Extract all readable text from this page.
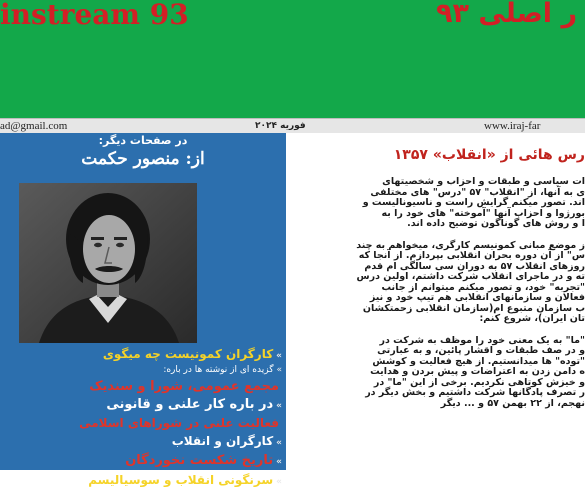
instream 93	ر اصلی ۹۳
ad@gmail.com	فوریه ۲۰۲۴	www.iraj-far
در صفحات دیگر:
از: منصور حکمت
»کارگران کمونیست چه میگوی
»گزیده ای از نوشته ها در باره:
مجمع عمومی، شورا و سندیک
»در باره کار علنی و قانونی
فعالیت علنی در شوراهای اسلامی
»کارگران و انقلاب
»تاریخ شکست نخوردگان
»سرنگونی انقلاب و سوسیالیسم
رس هائی از «انقلاب» ۱۳۵۷
ات سیاسی و طبقات و احزاب و شخصیتهای
ی به آنها، از "انقلاب" ۵۷ "درس" های مختلفی
اند. تصور میکنم گرایش راست و ناسیونالیست و
بورژوا و احزاب آنها "آموخته" های خود را به
ا و روش های گوناگون توضیح داده اند.
ز موضع مبانی کمونیسم کارگری، میخواهم به چند
س" از آن دوره بحران انقلابی بپردازم. از آنجا که
روزهای انقلاب ۵۷ به دوران سی سالگی ام قدم
ته و در ماجرای انقلاب شرکت داشتم، اولین درس
"تجربه" خود، و تصور میکنم میتوانم از جانب
فعالان و سازمانهای انقلابی هم تیپ خود و نیز
ب سازمان متبوع ام(سازمان انقلابی زحمتکشان
تان ایران)، شروع کنم:
"ما" به یک معنی خود را موظف به شرکت در
و در صف طبقات و اقشار پائین، و به عبارتی
"توده" ها میدانستیم. از هیچ فعالیت و کوشش
ه دامن زدن به اعتراضات و پیش بردن و هدایت
و خیزش کوتاهی نکردیم. برخی از این "ما" در
ر تصرف پادگانها شرکت داشتیم و بخش دیگر در
نهجم، از ۲۲ بهمن ۵۷ و ... دیگر
